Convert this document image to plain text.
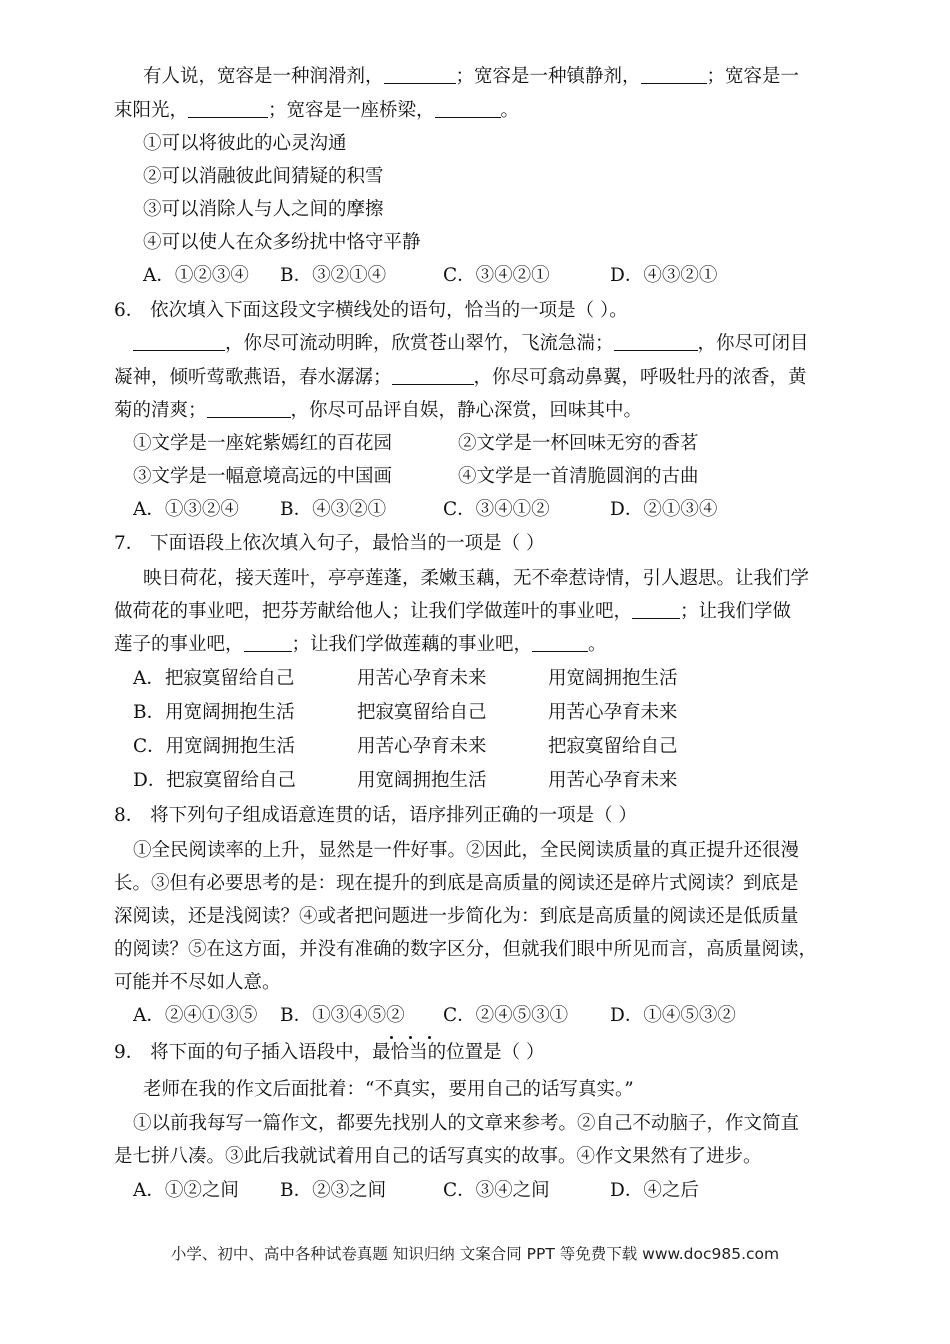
有人说，宽容是一种润滑剂，	；宽容是一种镇静剂，	；宽容是一
束阳光，	；宽容是一座桥梁，	。
①可以将彼此的心灵沟通
②可以消融彼此间猜疑的积雪
③可以消除人与人之间的摩擦
④可以使人在众多纷扰中恪守平静
A．①②③④ B．③②①④	C．③④②①	D．④③②①
6． 依次填入下面这段文字横线处的语句，恰当的一项是（ ）。
，你尽可流动明眸，欣赏苍山翠竹，飞流急湍；	，你尽可闭目
凝神，倾听莺歌燕语，春水潺潺；	，你尽可翕动鼻翼，呼吸牡丹的浓香，黄
菊的清爽；	，你尽可品评自娱，静心深赏，回味其中。
①文学是一座姹紫嫣红的百花园	②文学是一杯回味无穷的香茗
③文学是一幅意境高远的中国画	④文学是一首清脆圆润的古曲
A．①③②④ B．④③②①	C．③④①②	D．②①③④
7． 下面语段上依次填入句子，最恰当的一项是（ ）
映日荷花，接天莲叶，亭亭莲蓬，柔嫩玉藕，无不牵惹诗情，引人遐思。让我们学
做荷花的事业吧，把芬芳献给他人；让我们学做莲叶的事业吧，	；让我们学做
莲子的事业吧，	；让我们学做莲藕的事业吧，	。
A．把寂寞留给自己	用苦心孕育未来	用宽阔拥抱生活
B．用宽阔拥抱生活	把寂寞留给自己	用苦心孕育未来
C．用宽阔拥抱生活	用苦心孕育未来	把寂寞留给自己
D．把寂寞留给自己	用宽阔拥抱生活	用苦心孕育未来
8． 将下列句子组成语意连贯的话，语序排列正确的一项是（ ）
①全民阅读率的上升，显然是一件好事。②因此，全民阅读质量的真正提升还很漫
长。③但有必要思考的是：现在提升的到底是高质量的阅读还是碎片式阅读？到底是
深阅读，还是浅阅读？④或者把问题进一步简化为：到底是高质量的阅读还是低质量
的阅读？⑤在这方面，并没有准确的数字区分，但就我们眼中所见而言，高质量阅读，
可能并不尽如人意。
A．②④①③⑤ B．①③④⑤② C．②④⑤③① D．①④⑤③②
9． 将下面的句子插入语段中，最恰当的位置是（ ）
老师在我的作文后面批着：“不真实，要用自己的话写真实。”
①以前我每写一篇作文，都要先找别人的文章来参考。②自己不动脑子，作文简直
是七拼八凑。③此后我就试着用自己的话写真实的故事。④作文果然有了进步。
A．①②之间 B．②③之间	C．③④之间	D．④之后
小学、初中、高中各种试卷真题 知识归纳 文案合同 PPT 等免费下载 www.doc985.com
